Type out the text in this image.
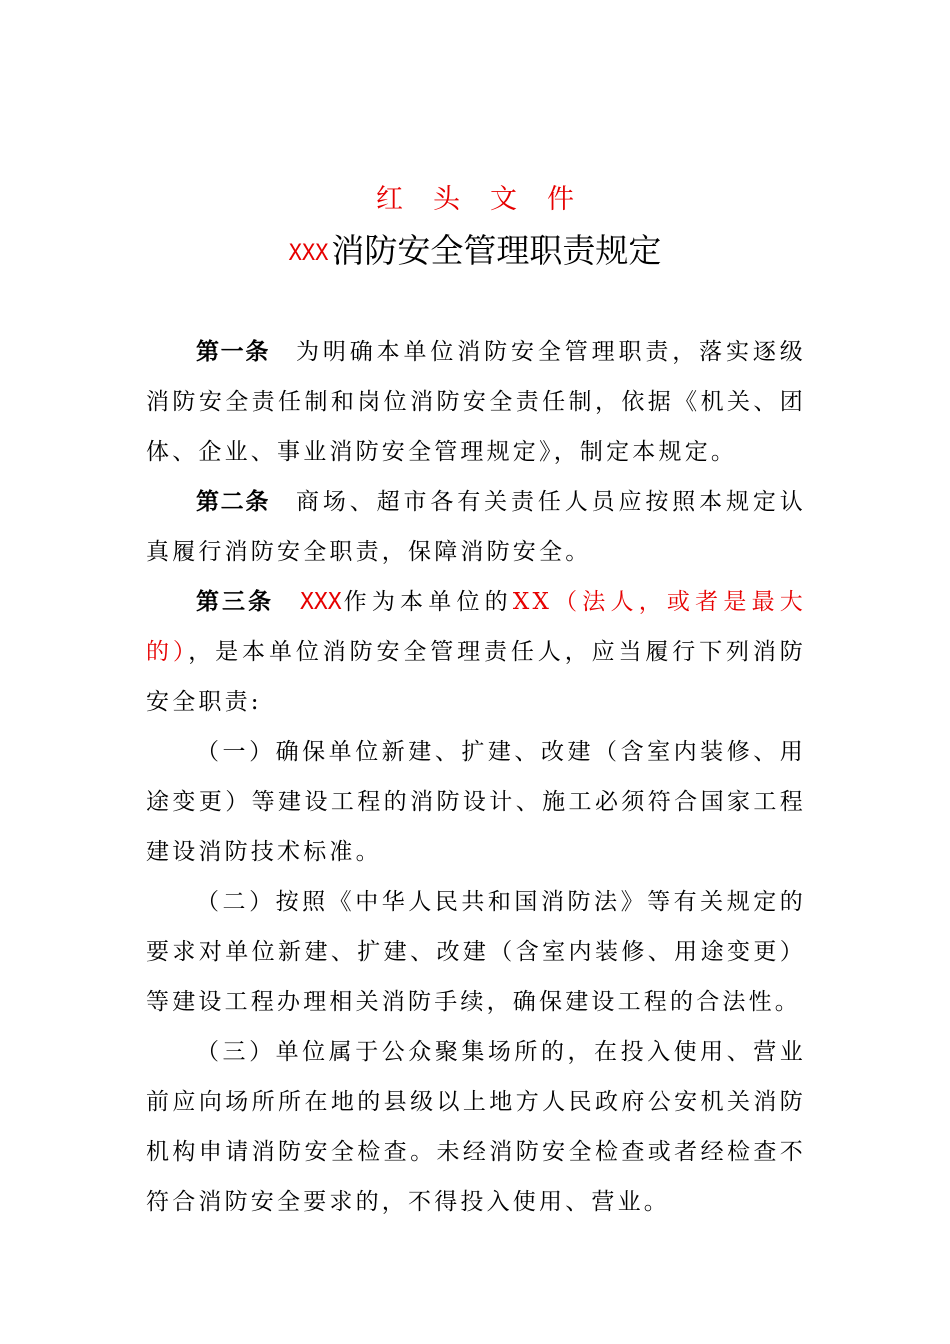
红头文件
XXX消防安全管理职责规定

第一条 为明确本单位消防安全管理职责，落实逐级消防安全责任制和岗位消防安全责任制，依据《机关、团体、企业、事业消防安全管理规定》，制定本规定。

第二条 商场、超市各有关责任人员应按照本规定认真履行消防安全职责，保障消防安全。

第三条 XXX作为本单位的XX（法人，或者是最大的），是本单位消防安全管理责任人，应当履行下列消防安全职责:

（一）确保单位新建、扩建、改建（含室内装修、用途变更）等建设工程的消防设计、施工必须符合国家工程建设消防技术标准。

（二）按照《中华人民共和国消防法》等有关规定的要求对单位新建、扩建、改建（含室内装修、用途变更）等建设工程办理相关消防手续，确保建设工程的合法性。

（三）单位属于公众聚集场所的，在投入使用、营业前应向场所所在地的县级以上地方人民政府公安机关消防机构申请消防安全检查。未经消防安全检查或者经检查不符合消防安全要求的，不得投入使用、营业。
